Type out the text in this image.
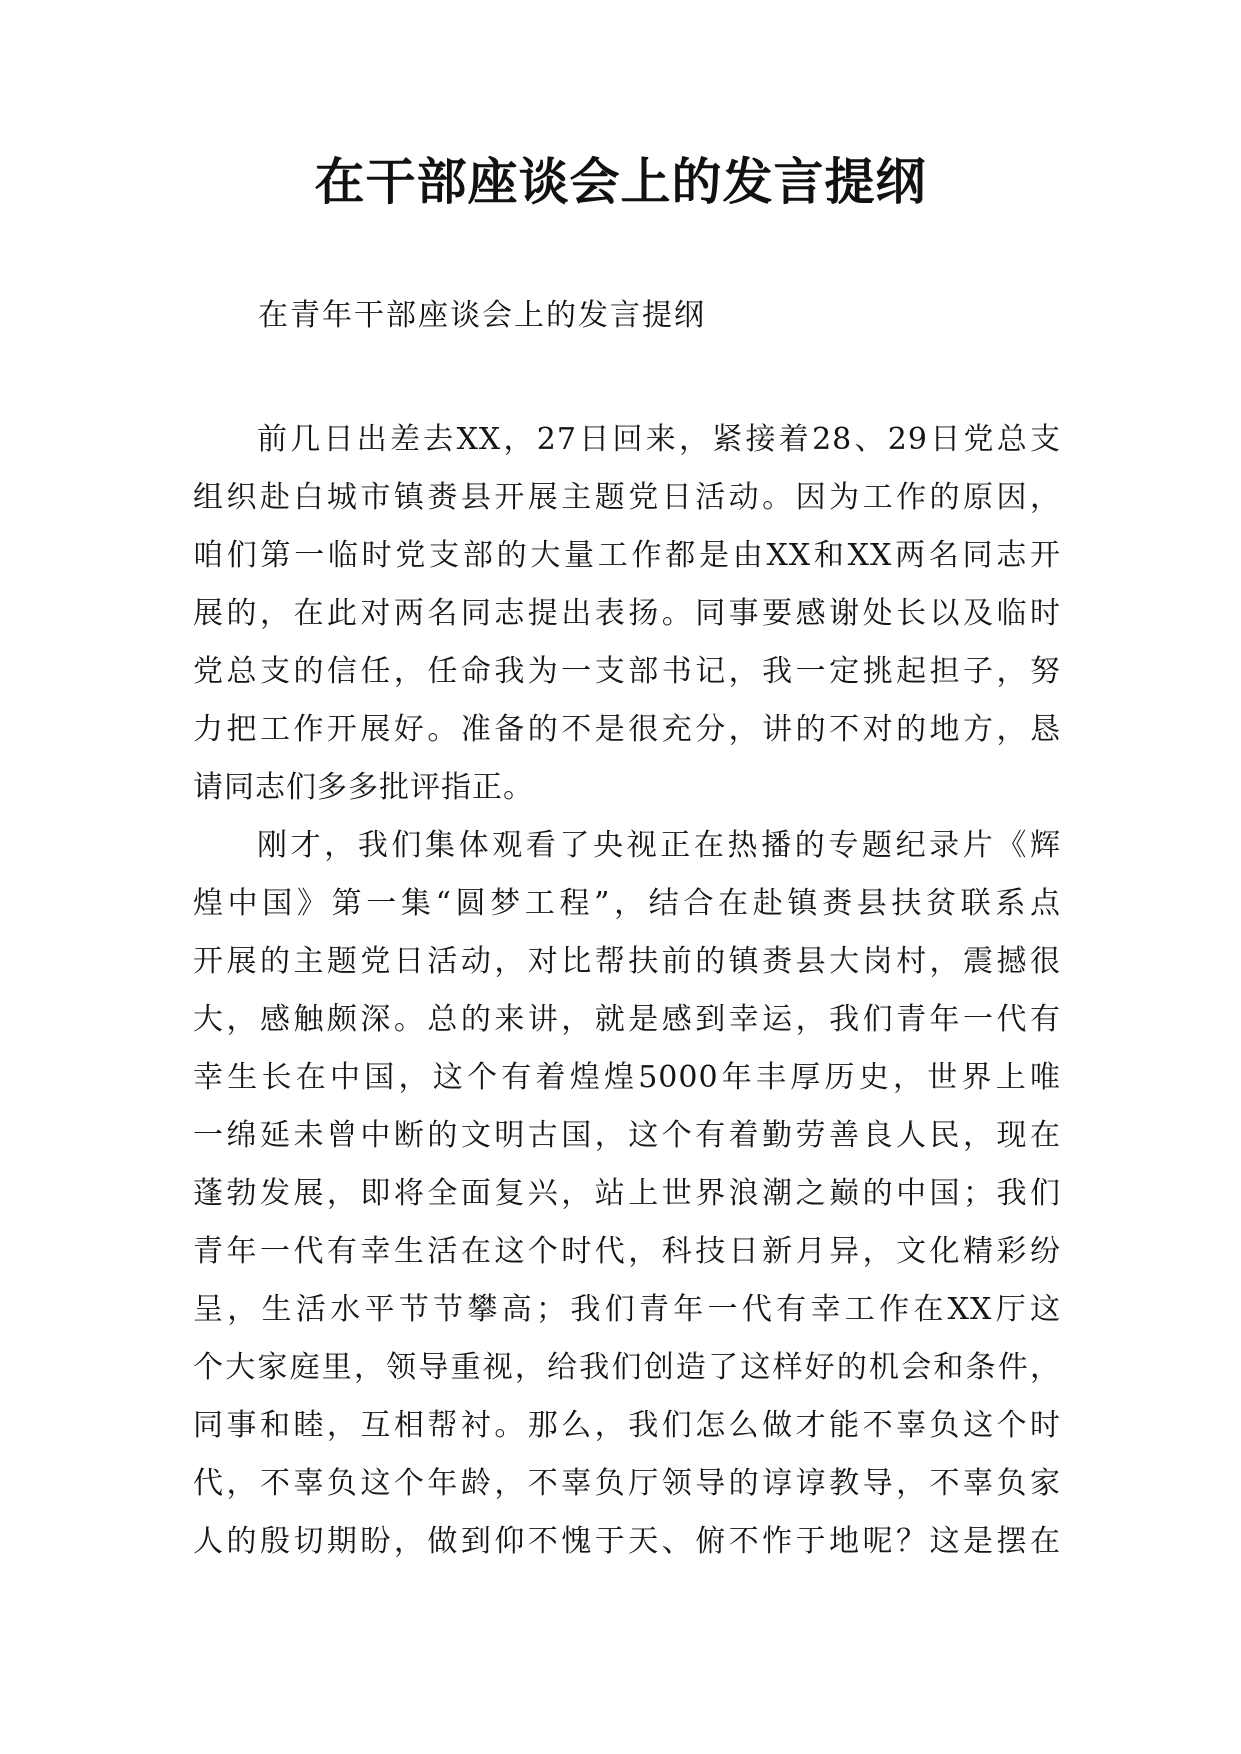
在干部座谈会上的发言提纲

在青年干部座谈会上的发言提纲

前几日出差去XX，27日回来，紧接着28、29日党总支
组织赴白城市镇赉县开展主题党日活动。因为工作的原因，
咱们第一临时党支部的大量工作都是由XX和XX两名同志开
展的，在此对两名同志提出表扬。同事要感谢处长以及临时
党总支的信任，任命我为一支部书记，我一定挑起担子，努
力把工作开展好。准备的不是很充分，讲的不对的地方，恳
请同志们多多批评指正。
刚才，我们集体观看了央视正在热播的专题纪录片《辉
煌中国》第一集“圆梦工程”，结合在赴镇赉县扶贫联系点
开展的主题党日活动，对比帮扶前的镇赉县大岗村，震撼很
大，感触颇深。总的来讲，就是感到幸运，我们青年一代有
幸生长在中国，这个有着煌煌5000年丰厚历史，世界上唯
一绵延未曾中断的文明古国，这个有着勤劳善良人民，现在
蓬勃发展，即将全面复兴，站上世界浪潮之巅的中国；我们
青年一代有幸生活在这个时代，科技日新月异，文化精彩纷
呈，生活水平节节攀高；我们青年一代有幸工作在XX厅这
个大家庭里，领导重视，给我们创造了这样好的机会和条件，
同事和睦，互相帮衬。那么，我们怎么做才能不辜负这个时
代，不辜负这个年龄，不辜负厅领导的谆谆教导，不辜负家
人的殷切期盼，做到仰不愧于天、俯不怍于地呢？这是摆在
